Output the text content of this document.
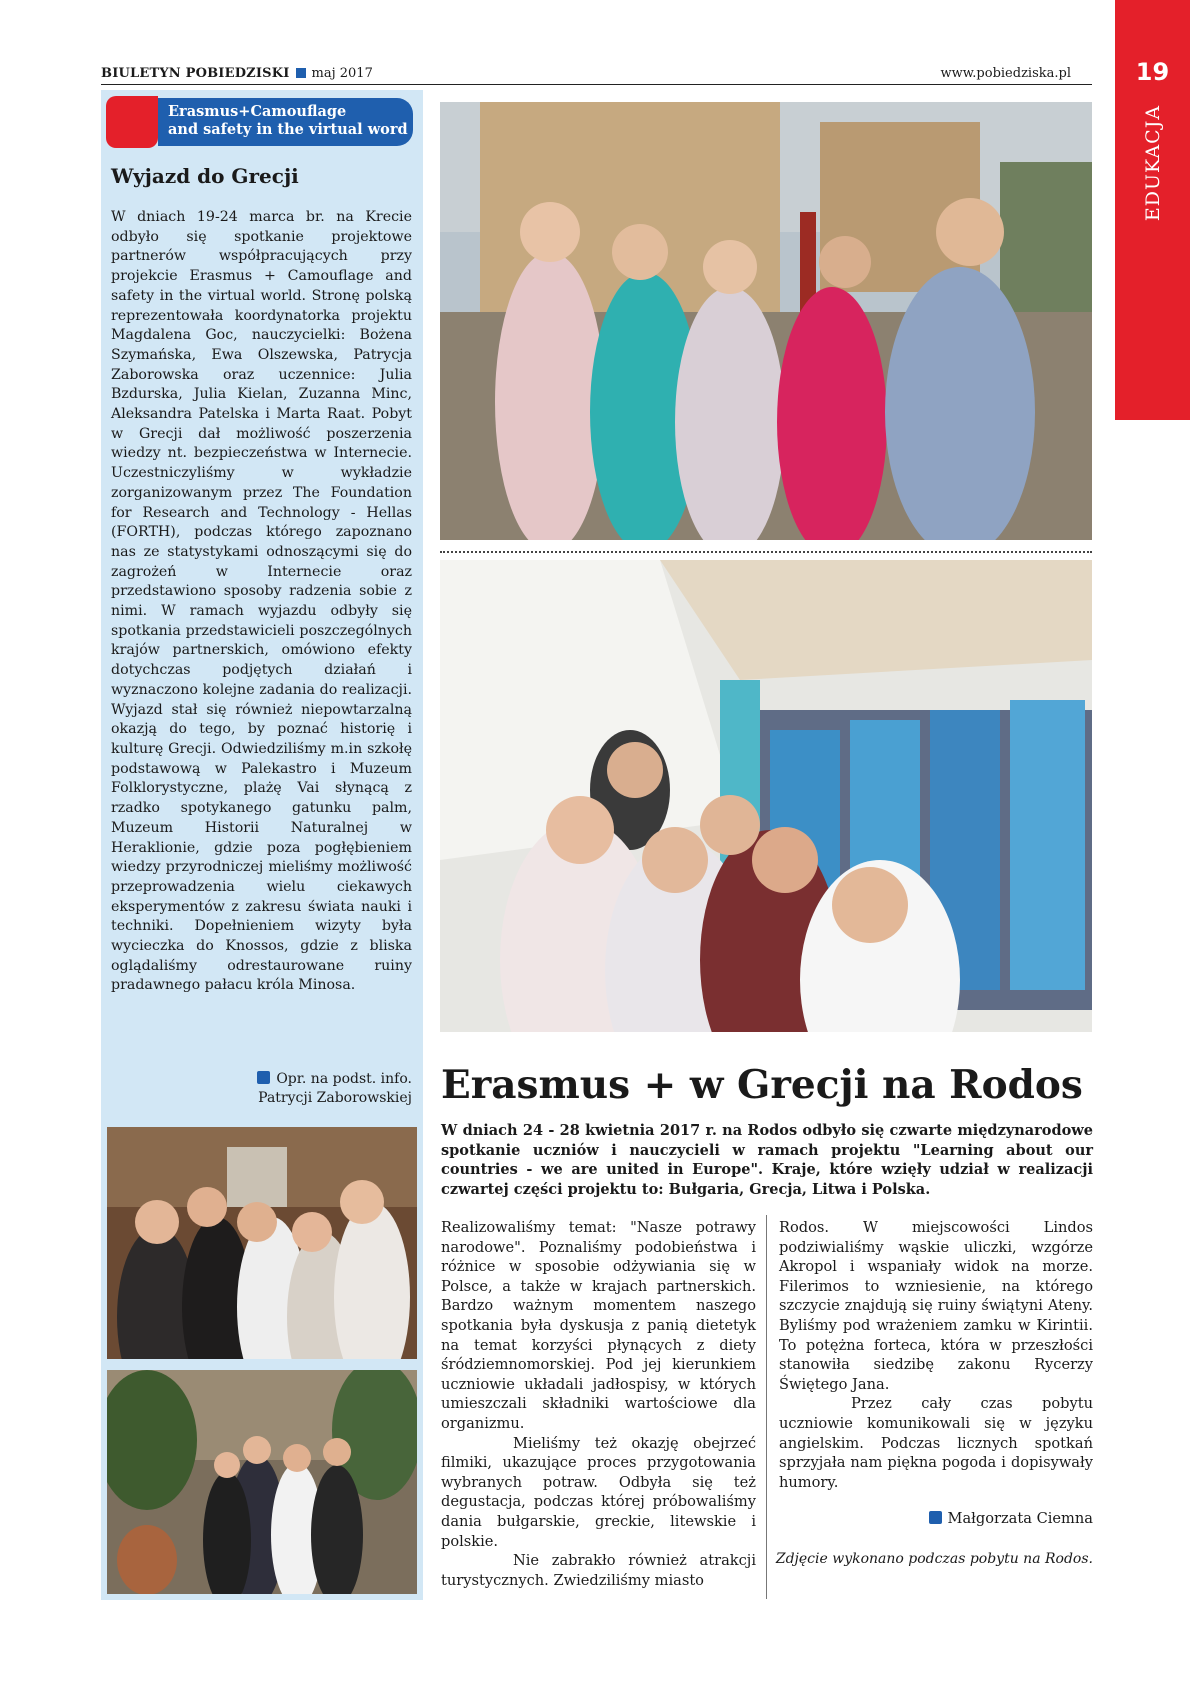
BIULETYN POBIEDZISKI maj 2017	www.pobiedziska.pl	19
EDUKACJA
Erasmus+Camouflage
and safety in the virtual word
Wyjazd do Grecji

W dniach 19-24 marca br. na Krecie odbyło się spotkanie projektowe partnerów współpracujących przy projekcie Erasmus + Camouflage and safety in the virtual world. Stronę polską reprezentowała koordynatorka projektu Magdalena Goc, nauczycielki: Bożena Szymańska, Ewa Olszewska, Patrycja Zaborowska oraz uczennice: Julia Bzdurska, Julia Kielan, Zuzanna Minc, Aleksandra Patelska i Marta Raat. Pobyt w Grecji dał możliwość poszerzenia wiedzy nt. bezpieczeństwa w Internecie. Uczestniczyliśmy w wykładzie zorganizowanym przez The Foundation for Research and Technology - Hellas (FORTH), podczas którego zapoznano nas ze statystykami odnoszącymi się do zagrożeń w Internecie oraz przedstawiono sposoby radzenia sobie z nimi. W ramach wyjazdu odbyły się spotkania przedstawicieli poszczególnych krajów partnerskich, omówiono efekty dotychczas podjętych działań i wyznaczono kolejne zadania do realizacji. Wyjazd stał się również niepowtarzalną okazją do tego, by poznać historię i kulturę Grecji. Odwiedziliśmy m.in szkołę podstawową w Palekastro i Muzeum Folklorystyczne, plażę Vai słynącą z rzadko spotykanego gatunku palm, Muzeum Historii Naturalnej w Heraklionie, gdzie poza pogłębieniem wiedzy przyrodniczej mieliśmy możliwość przeprowadzenia wielu ciekawych eksperymentów z zakresu świata nauki i techniki. Dopełnieniem wizyty była wycieczka do Knossos, gdzie z bliska oglądaliśmy odrestaurowane ruiny pradawnego pałacu króla Minosa.

Opr. na podst. info.
Patrycji Zaborowskiej Erasmus + w Grecji na Rodos

W dniach 24 - 28 kwietnia 2017 r. na Rodos odbyło się czwarte międzynarodowe spotkanie uczniów i nauczycieli w ramach projektu "Learning about our countries - we are united in Europe". Kraje, które wzięły udział w realizacji czwartej części projektu to: Bułgaria, Grecja, Litwa i Polska.

Realizowaliśmy temat: "Nasze potrawy narodowe". Poznaliśmy podobieństwa i różnice w sposobie odżywiania się w Polsce, a także w krajach partnerskich. Bardzo ważnym momentem naszego spotkania była dyskusja z panią dietetyk na temat korzyści płynących z diety śródziemnomorskiej. Pod jej kierunkiem uczniowie układali jadłospisy, w których umieszczali składniki wartościowe dla organizmu.

Mieliśmy też okazję obejrzeć filmiki, ukazujące proces przygotowania wybranych potraw. Odbyła się też degustacja, podczas której próbowaliśmy dania bułgarskie, greckie, litewskie i polskie.

Nie zabrakło również atrakcji turystycznych. Zwiedziliśmy miasto

Rodos. W miejscowości Lindos podziwialiśmy wąskie uliczki, wzgórze Akropol i wspaniały widok na morze. Filerimos to wzniesienie, na którego szczycie znajdują się ruiny świątyni Ateny. Byliśmy pod wrażeniem zamku w Kirintii. To potężna forteca, która w przeszłości stanowiła siedzibę zakonu Rycerzy Świętego Jana.

Przez cały czas pobytu uczniowie komunikowali się w języku angielskim. Podczas licznych spotkań sprzyjała nam piękna pogoda i dopisywały humory.

Małgorzata Ciemna
Zdjęcie wykonano podczas pobytu na Rodos.
